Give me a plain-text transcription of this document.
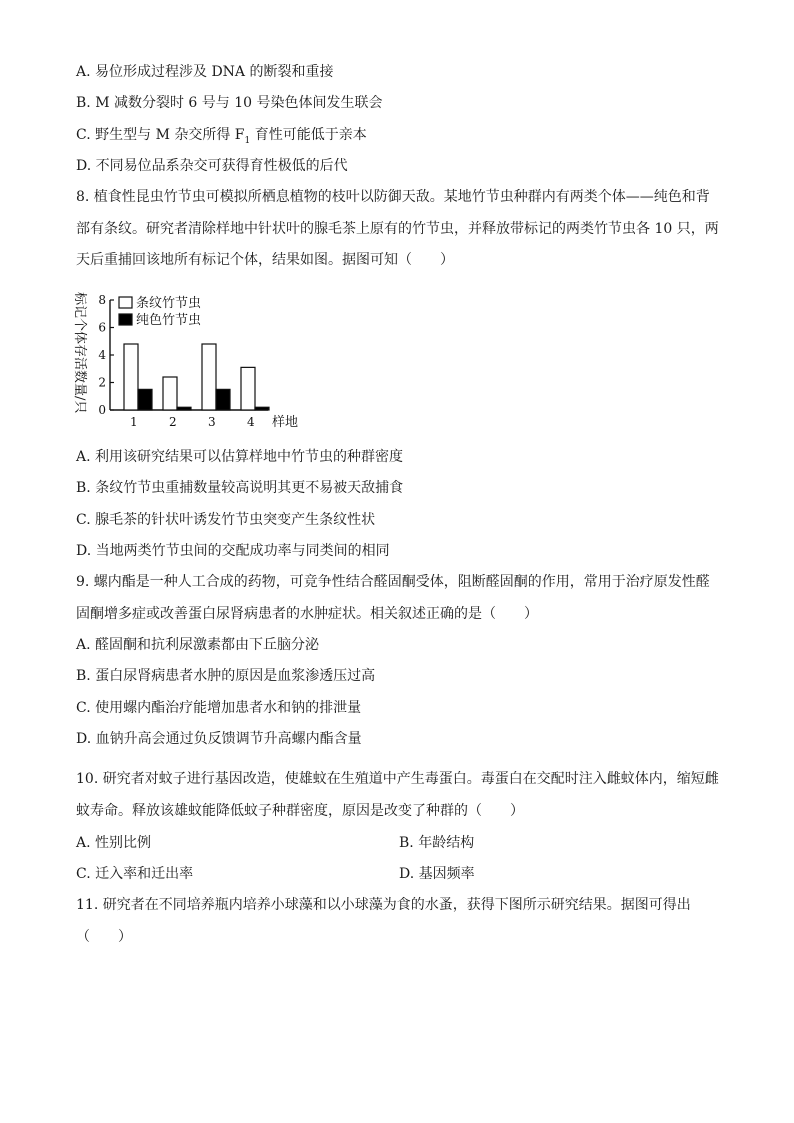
A. 易位形成过程涉及 DNA 的断裂和重接
B. M 减数分裂时 6 号与 10 号染色体间发生联会
C. 野生型与 M 杂交所得 $F_1$ 育性可能低于亲本
D. 不同易位品系杂交可获得育性极低的后代
8. 植食性昆虫竹节虫可模拟所栖息植物的枝叶以防御天敌。某地竹节虫种群内有两类个体——纯色和背
部有条纹。研究者清除样地中针状叶的腺毛茶上原有的竹节虫，并释放带标记的两类竹节虫各 10 只，两
天后重捕回该地所有标记个体，结果如图。据图可知（　　）
标记个体存活数量/只 0
2
4
6
8
1	2	3	4 样地
条纹竹节虫
纯色竹节虫
A. 利用该研究结果可以估算样地中竹节虫的种群密度
B. 条纹竹节虫重捕数量较高说明其更不易被天敌捕食
C. 腺毛茶的针状叶诱发竹节虫突变产生条纹性状
D. 当地两类竹节虫间的交配成功率与同类间的相同
9. 螺内酯是一种人工合成的药物，可竞争性结合醛固酮受体，阻断醛固酮的作用，常用于治疗原发性醛
固酮增多症或改善蛋白尿肾病患者的水肿症状。相关叙述正确的是（　　）
A. 醛固酮和抗利尿激素都由下丘脑分泌
B. 蛋白尿肾病患者水肿的原因是血浆渗透压过高
C. 使用螺内酯治疗能增加患者水和钠的排泄量
D. 血钠升高会通过负反馈调节升高螺内酯含量
10. 研究者对蚊子进行基因改造，使雄蚊在生殖道中产生毒蛋白。毒蛋白在交配时注入雌蚊体内，缩短雌
蚊寿命。释放该雄蚊能降低蚊子种群密度，原因是改变了种群的（　　）
A. 性别比例	B. 年龄结构
C. 迁入率和迁出率	D. 基因频率
11. 研究者在不同培养瓶内培养小球藻和以小球藻为食的水蚤，获得下图所示研究结果。据图可得出
（　　）
